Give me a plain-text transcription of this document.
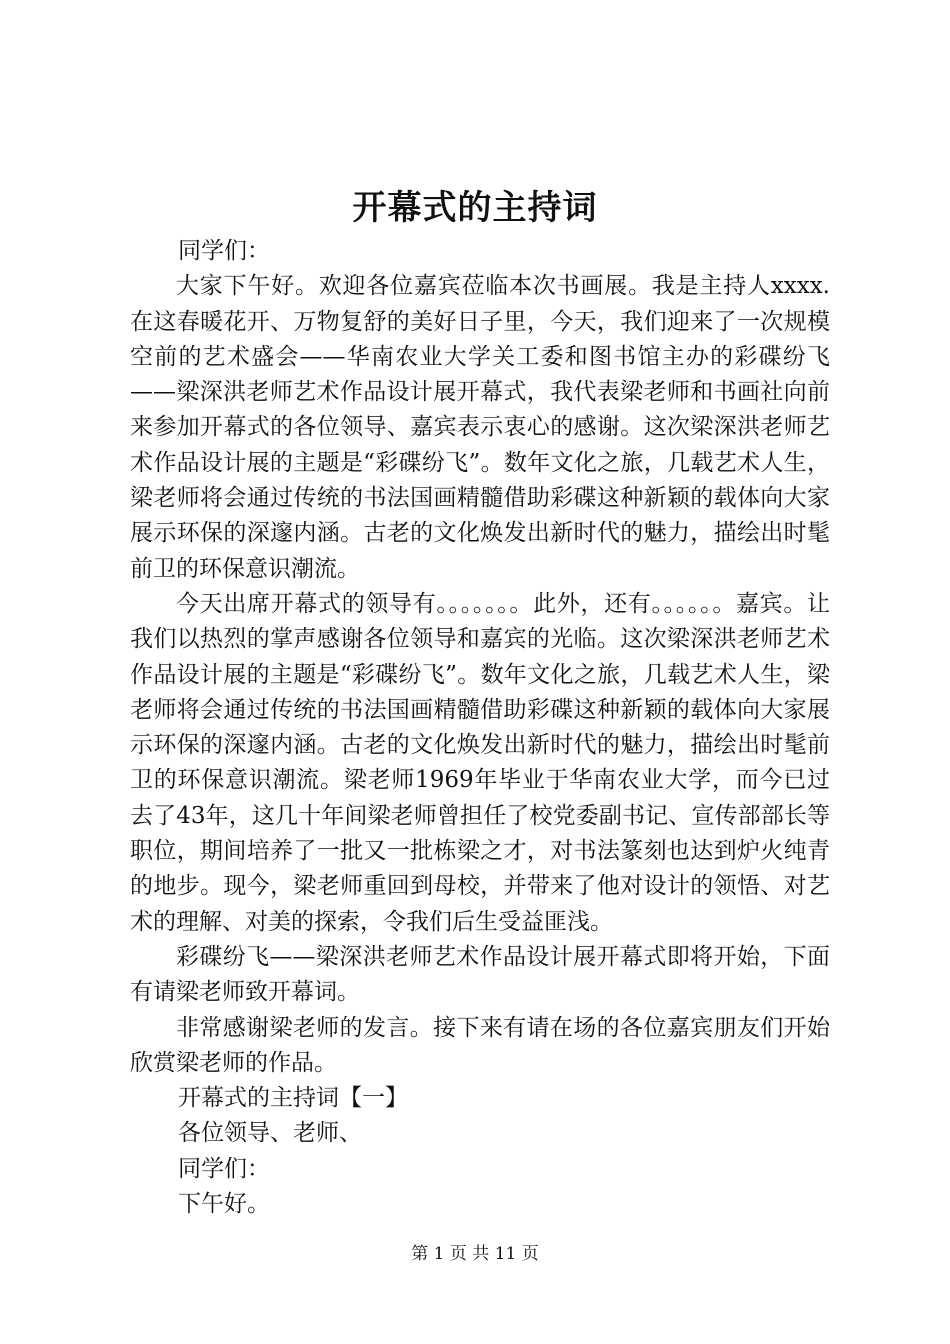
开幕式的主持词

同学们：

大家下午好。欢迎各位嘉宾莅临本次书画展。我是主持人xxxx.在这春暖花开、万物复舒的美好日子里，今天，我们迎来了一次规模空前的艺术盛会——华南农业大学关工委和图书馆主办的彩碟纷飞——梁深洪老师艺术作品设计展开幕式，我代表梁老师和书画社向前来参加开幕式的各位领导、嘉宾表示衷心的感谢。这次梁深洪老师艺术作品设计展的主题是“彩碟纷飞”。数年文化之旅，几载艺术人生，梁老师将会通过传统的书法国画精髓借助彩碟这种新颖的载体向大家展示环保的深邃内涵。古老的文化焕发出新时代的魅力，描绘出时髦前卫的环保意识潮流。

今天出席开幕式的领导有。。。。。。。此外，还有。。。。。。嘉宾。让我们以热烈的掌声感谢各位领导和嘉宾的光临。这次梁深洪老师艺术作品设计展的主题是“彩碟纷飞”。数年文化之旅，几载艺术人生，梁老师将会通过传统的书法国画精髓借助彩碟这种新颖的载体向大家展示环保的深邃内涵。古老的文化焕发出新时代的魅力，描绘出时髦前卫的环保意识潮流。梁老师1969年毕业于华南农业大学，而今已过去了43年，这几十年间梁老师曾担任了校党委副书记、宣传部部长等职位，期间培养了一批又一批栋梁之才，对书法篆刻也达到炉火纯青的地步。现今，梁老师重回到母校，并带来了他对设计的领悟、对艺术的理解、对美的探索，令我们后生受益匪浅。

彩碟纷飞——梁深洪老师艺术作品设计展开幕式即将开始，下面有请梁老师致开幕词。

非常感谢梁老师的发言。接下来有请在场的各位嘉宾朋友们开始欣赏梁老师的作品。

开幕式的主持词【一】

各位领导、老师、

同学们：

下午好。

第 1 页 共 11 页
